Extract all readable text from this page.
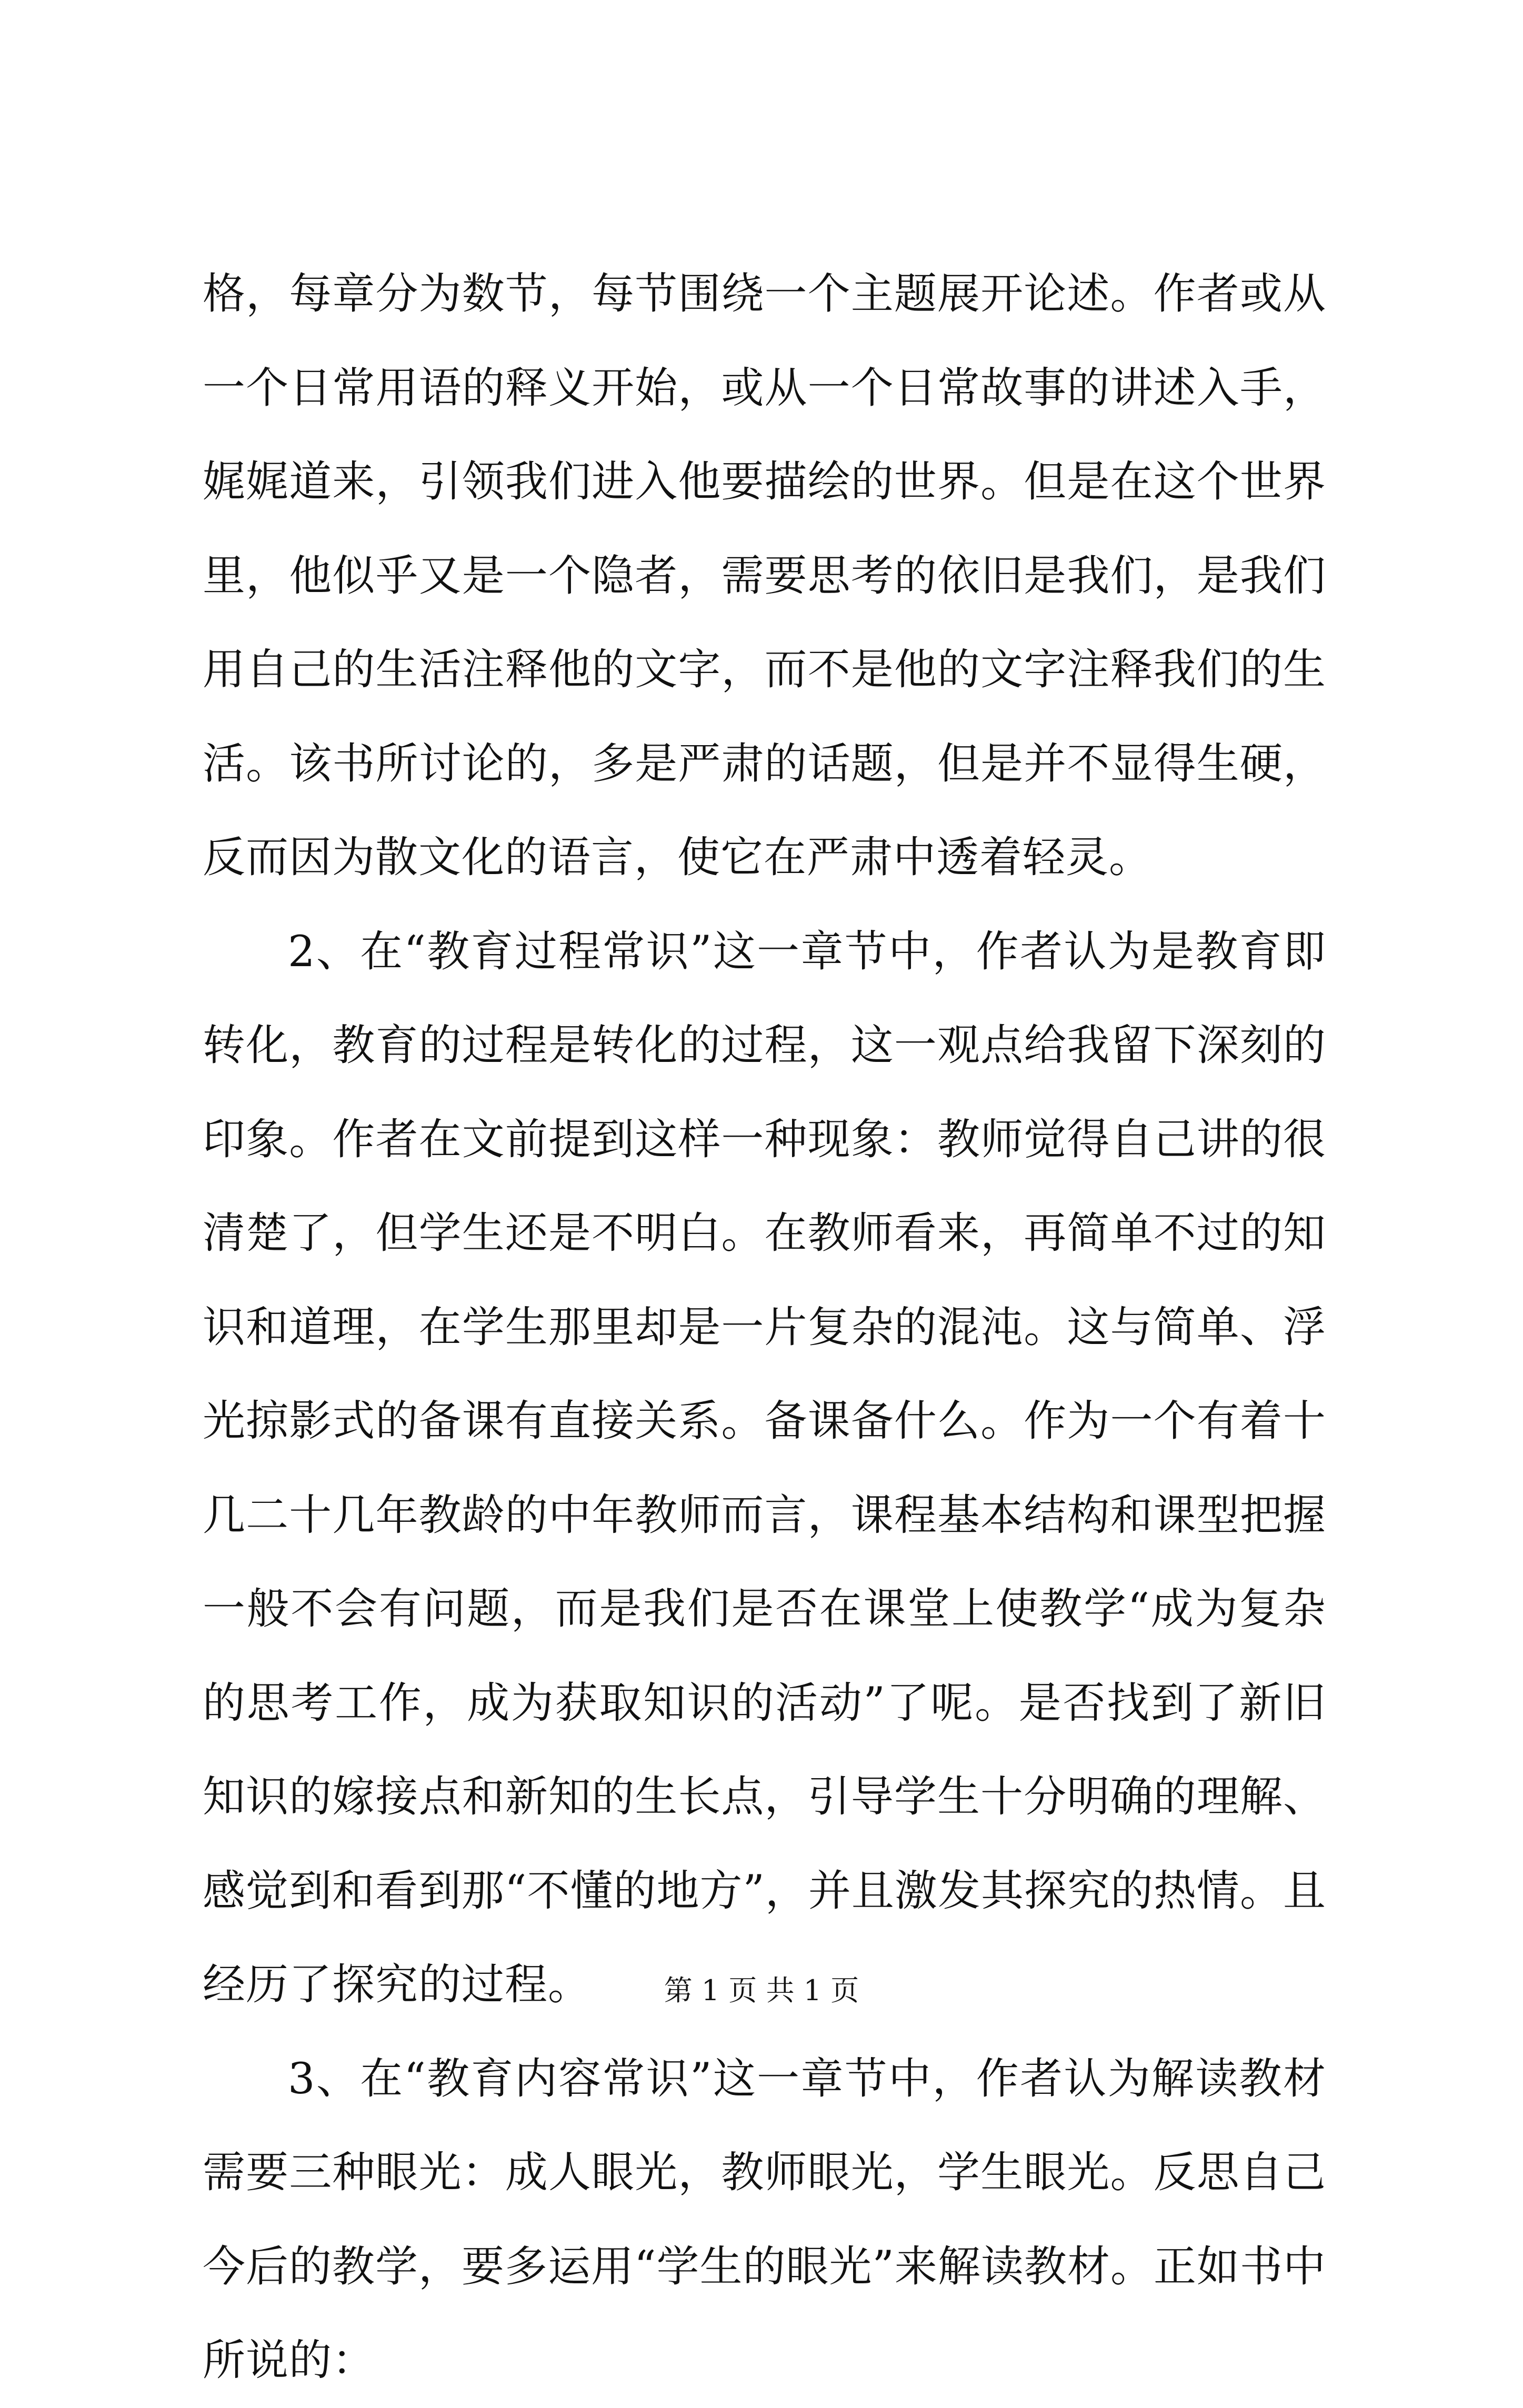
格，每章分为数节，每节围绕一个主题展开论述。作者或从一个日常用语的释义开始，或从一个日常故事的讲述入手，娓娓道来，引领我们进入他要描绘的世界。但是在这个世界里，他似乎又是一个隐者，需要思考的依旧是我们，是我们用自己的生活注释他的文字，而不是他的文字注释我们的生活。该书所讨论的，多是严肃的话题，但是并不显得生硬，反而因为散文化的语言，使它在严肃中透着轻灵。

2、在“教育过程常识”这一章节中，作者认为是教育即转化，教育的过程是转化的过程，这一观点给我留下深刻的印象。作者在文前提到这样一种现象：教师觉得自己讲的很清楚了，但学生还是不明白。在教师看来，再简单不过的知识和道理，在学生那里却是一片复杂的混沌。这与简单、浮光掠影式的备课有直接关系。备课备什么。作为一个有着十几二十几年教龄的中年教师而言，课程基本结构和课型把握一般不会有问题，而是我们是否在课堂上使教学“成为复杂的思考工作，成为获取知识的活动”了呢。是否找到了新旧知识的嫁接点和新知的生长点，引导学生十分明确的理解、感觉到和看到那“不懂的地方”，并且激发其探究的热情。且经历了探究的过程。

3、在“教育内容常识”这一章节中，作者认为解读教材需要三种眼光：成人眼光，教师眼光，学生眼光。反思自己今后的教学，要多运用“学生的眼光”来解读教材。正如书中所说的：

第 1 页 共 1 页
